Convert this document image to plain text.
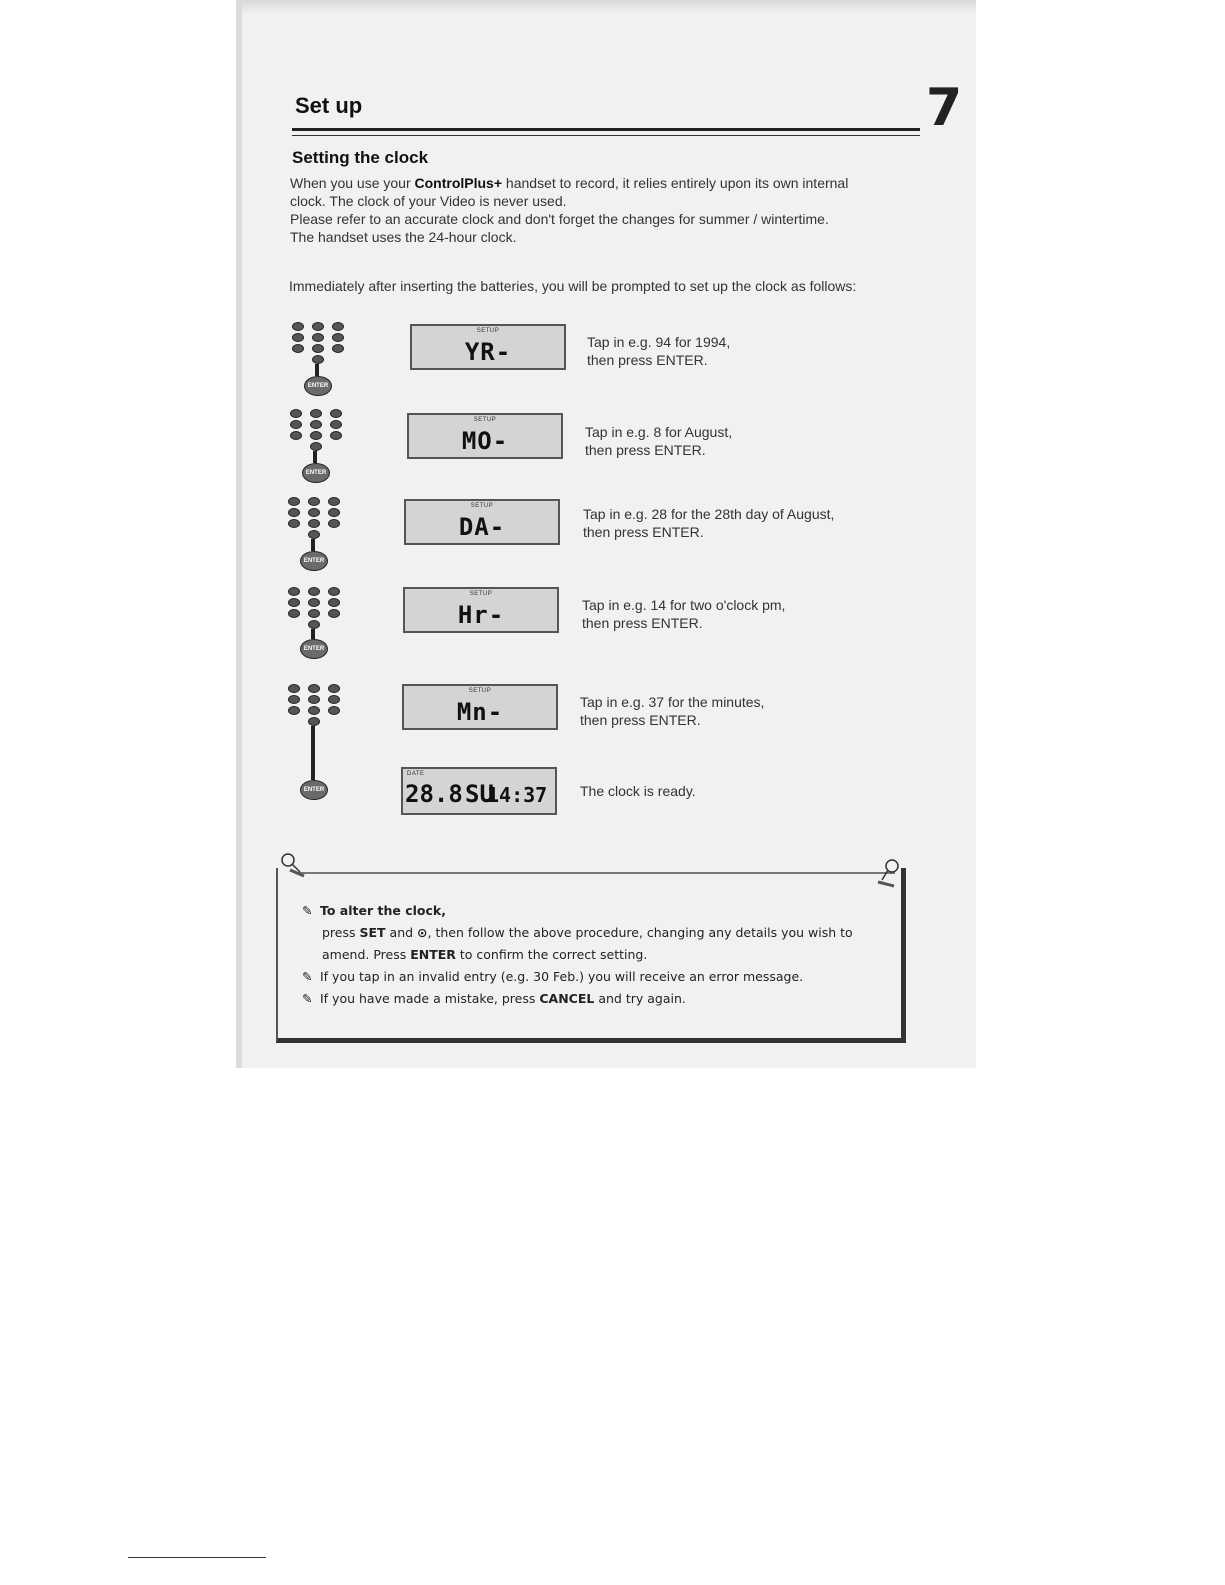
7
Set up
Setting the clock

When you use your ControlPlus+ handset to record, it relies entirely upon its own internal

clock. The clock of your Video is never used.

Please refer to an accurate clock and don't forget the changes for summer / wintertime.

The handset uses the 24-hour clock.

Immediately after inserting the batteries, you will be prompted to set up the clock as follows:
ENTER
ENTER
ENTER
ENTER
ENTER
SETUP
YR-	Tap in e.g. 94 for 1994,
then press ENTER.
SETUP
MO-	Tap in e.g. 8 for August,
then press ENTER.
SETUP
DA-	Tap in e.g. 28 for the 28th day of August,
then press ENTER.
SETUP
Hr-	Tap in e.g. 14 for two o'clock pm,
then press ENTER.
SETUP
Mn-	Tap in e.g. 37 for the minutes,
then press ENTER.
DATE
28.8 SU
14:37 The clock is ready.
✎ To alter the clock,
press SET and ⊙, then follow the above procedure, changing any details you wish to
amend. Press ENTER to confirm the correct setting.
✎ If you tap in an invalid entry (e.g. 30 Feb.) you will receive an error message.
✎ If you have made a mistake, press CANCEL and try again.
